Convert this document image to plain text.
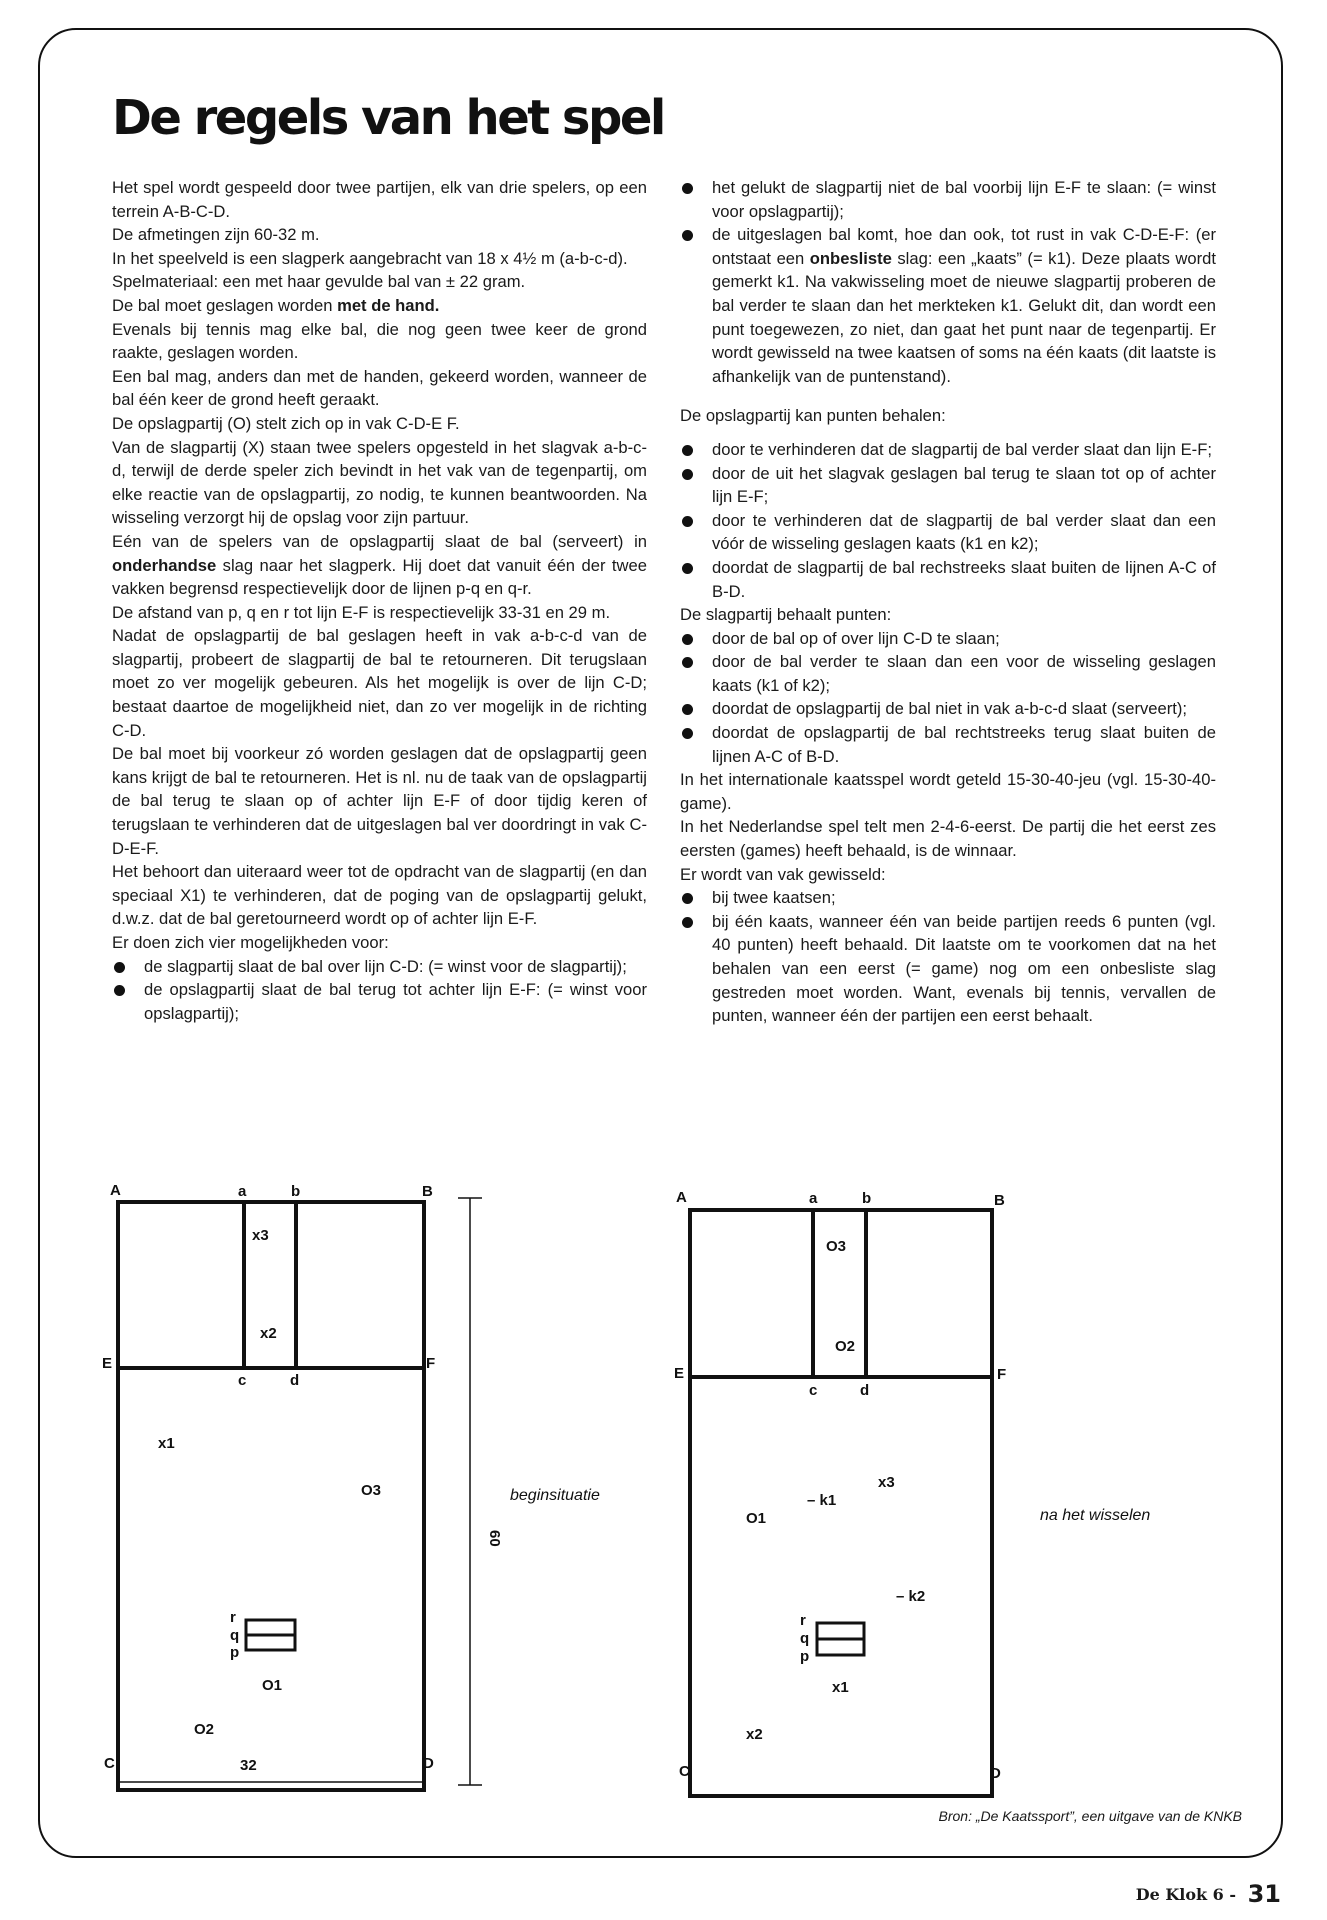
De regels van het spel

Het spel wordt gespeeld door twee partijen, elk van drie spelers, op een terrein A-B-C-D.

De afmetingen zijn 60-32 m.

In het speelveld is een slagperk aangebracht van 18 x 4½ m (a-b-c-d).

Spelmateriaal: een met haar gevulde bal van ± 22 gram.

De bal moet geslagen worden met de hand.

Evenals bij tennis mag elke bal, die nog geen twee keer de grond raakte, geslagen worden.

Een bal mag, anders dan met de handen, gekeerd worden, wanneer de bal één keer de grond heeft geraakt.

De opslagpartij (O) stelt zich op in vak C-D-E F.

Van de slagpartij (X) staan twee spelers opgesteld in het slagvak a-b-c-d, terwijl de derde speler zich bevindt in het vak van de tegenpartij, om elke reactie van de opslagpartij, zo nodig, te kunnen beantwoorden. Na wisseling verzorgt hij de opslag voor zijn partuur.

Eén van de spelers van de opslagpartij slaat de bal (serveert) in onderhandse slag naar het slagperk. Hij doet dat vanuit één der twee vakken begrensd respectievelijk door de lijnen p-q en q-r.

De afstand van p, q en r tot lijn E-F is respectievelijk 33-31 en 29 m.

Nadat de opslagpartij de bal geslagen heeft in vak a-b-c-d van de slagpartij, probeert de slagpartij de bal te retourneren. Dit terugslaan moet zo ver mogelijk gebeuren. Als het mogelijk is over de lijn C-D; bestaat daartoe de mogelijkheid niet, dan zo ver mogelijk in de richting C-D.

De bal moet bij voorkeur zó worden geslagen dat de opslagpartij geen kans krijgt de bal te retourneren. Het is nl. nu de taak van de opslagpartij de bal terug te slaan op of achter lijn E-F of door tijdig keren of terugslaan te verhinderen dat de uitgeslagen bal ver doordringt in vak C-D-E-F.

Het behoort dan uiteraard weer tot de opdracht van de slagpartij (en dan speciaal X1) te verhinderen, dat de poging van de opslagpartij gelukt, d.w.z. dat de bal geretourneerd wordt op of achter lijn E-F.

Er doen zich vier mogelijkheden voor:

de slagpartij slaat de bal over lijn C-D: (= winst voor de slagpartij);
de opslagpartij slaat de bal terug tot achter lijn E-F: (= winst voor opslagpartij);
het gelukt de slagpartij niet de bal voorbij lijn E-F te slaan: (= winst voor opslagpartij);
de uitgeslagen bal komt, hoe dan ook, tot rust in vak C-D-E-F: (er ontstaat een onbesliste slag: een „kaats” (= k1). Deze plaats wordt gemerkt k1. Na vakwisseling moet de nieuwe slagpartij proberen de bal verder te slaan dan het merkteken k1. Gelukt dit, dan wordt een punt toegewezen, zo niet, dan gaat het punt naar de tegenpartij. Er wordt gewisseld na twee kaatsen of soms na één kaats (dit laatste is afhankelijk van de puntenstand).

De opslagpartij kan punten behalen:

door te verhinderen dat de slagpartij de bal verder slaat dan lijn E-F;
door de uit het slagvak geslagen bal terug te slaan tot op of achter lijn E-F;
door te verhinderen dat de slagpartij de bal verder slaat dan een vóór de wisseling geslagen kaats (k1 en k2);
doordat de slagpartij de bal rechstreeks slaat buiten de lijnen A-C of B-D.

De slagpartij behaalt punten:

door de bal op of over lijn C-D te slaan;
door de bal verder te slaan dan een voor de wisseling geslagen kaats (k1 of k2);
doordat de opslagpartij de bal niet in vak a-b-c-d slaat (serveert);
doordat de opslagpartij de bal rechtstreeks terug slaat buiten de lijnen A-C of B-D.

In het internationale kaatsspel wordt geteld 15-30-40-jeu (vgl. 15-30-40-game).

In het Nederlandse spel telt men 2-4-6-eerst. De partij die het eerst zes eersten (games) heeft behaald, is de winnaar.

Er wordt van vak gewisseld:

bij twee kaatsen;
bij één kaats, wanneer één van beide partijen reeds 6 punten (vgl. 40 punten) heeft behaald. Dit laatste om te voorkomen dat na het behalen van een eerst (= game) nog om een onbesliste slag gestreden moet worden. Want, evenals bij tennis, vervallen de punten, wanneer één der partijen een eerst behaalt.
A	B
C	D
E	F
a	b
c	d
x3
x2
x1
O3
O1
O2
r
q
p
32
60
beginsituatie
A	B
C	D
E	F
a	b
c	d
O3
O2
O1
x3
x1
x2
– k1
– k2
r
q
p
na het wisselen
Bron: „De Kaatssport”, een uitgave van de KNKB
De Klok 6 - 31
